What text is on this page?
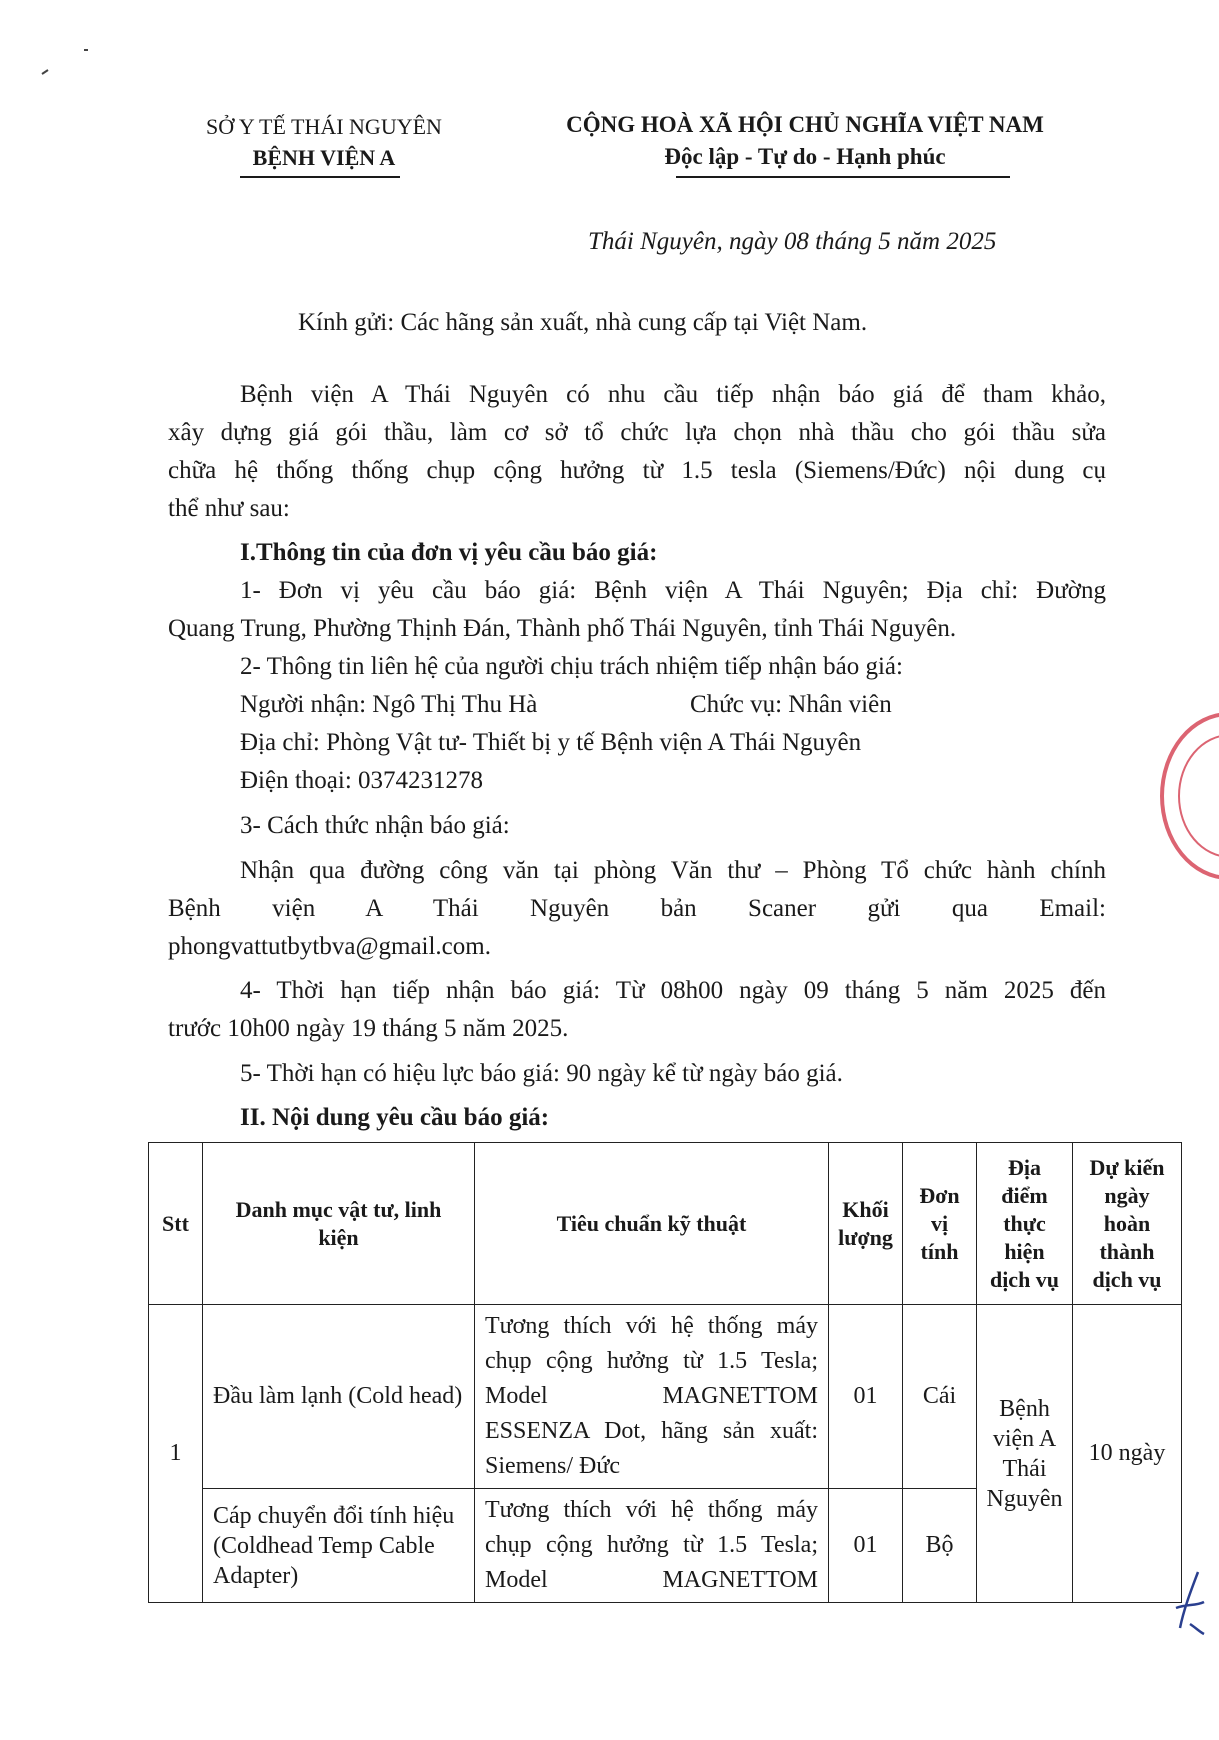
SỞ Y TẾ THÁI NGUYÊN
BỆNH VIỆN A
CỘNG HOÀ XÃ HỘI CHỦ NGHĨA VIỆT NAM
Độc lập - Tự do - Hạnh phúc
Thái Nguyên, ngày 08 tháng 5 năm 2025
Kính gửi: Các hãng sản xuất, nhà cung cấp tại Việt Nam.
Bệnh viện A Thái Nguyên có nhu cầu tiếp nhận báo giá để tham khảo,
xây dựng giá gói thầu, làm cơ sở tổ chức lựa chọn nhà thầu cho gói thầu sửa
chữa hệ thống thống chụp cộng hưởng từ 1.5 tesla (Siemens/Đức) nội dung cụ
thể như sau:
I.Thông tin của đơn vị yêu cầu báo giá:
1- Đơn vị yêu cầu báo giá: Bệnh viện A Thái Nguyên; Địa chỉ: Đường
Quang Trung, Phường Thịnh Đán, Thành phố Thái Nguyên, tỉnh Thái Nguyên.
2- Thông tin liên hệ của người chịu trách nhiệm tiếp nhận báo giá:
Người nhận: Ngô Thị Thu Hà	Chức vụ: Nhân viên
Địa chỉ: Phòng Vật tư- Thiết bị y tế Bệnh viện A Thái Nguyên
Điện thoại: 0374231278
3- Cách thức nhận báo giá:
Nhận qua đường công văn tại phòng Văn thư – Phòng Tổ chức hành chính
Bệnh viện A Thái Nguyên bản Scaner gửi qua Email:
phongvattutbytbva@gmail.com.
4- Thời hạn tiếp nhận báo giá: Từ 08h00 ngày 09 tháng 5 năm 2025 đến
trước 10h00 ngày 19 tháng 5 năm 2025.
5- Thời hạn có hiệu lực báo giá: 90 ngày kể từ ngày báo giá.
II. Nội dung yêu cầu báo giá:
Stt	Danh mục vật tư, linh kiện	Tiêu chuẩn kỹ thuật	Khối lượng	Đơn vị tính	Địa điểm thực hiện dịch vụ	Dự kiến ngày hoàn thành dịch vụ
1	Đầu làm lạnh (Cold head)	Tương thích với hệ thống máy chụp cộng hưởng từ 1.5 Tesla; Model MAGNETTOM ESSENZA Dot, hãng sản xuất: Siemens/ Đức	01	Cái	Bệnh viện A Thái Nguyên	10 ngày
	Cáp chuyển đổi tính hiệu (Coldhead Temp Cable Adapter)	Tương thích với hệ thống máy chụp cộng hưởng từ 1.5 Tesla; Model MAGNETTOM	01	Bộ		
